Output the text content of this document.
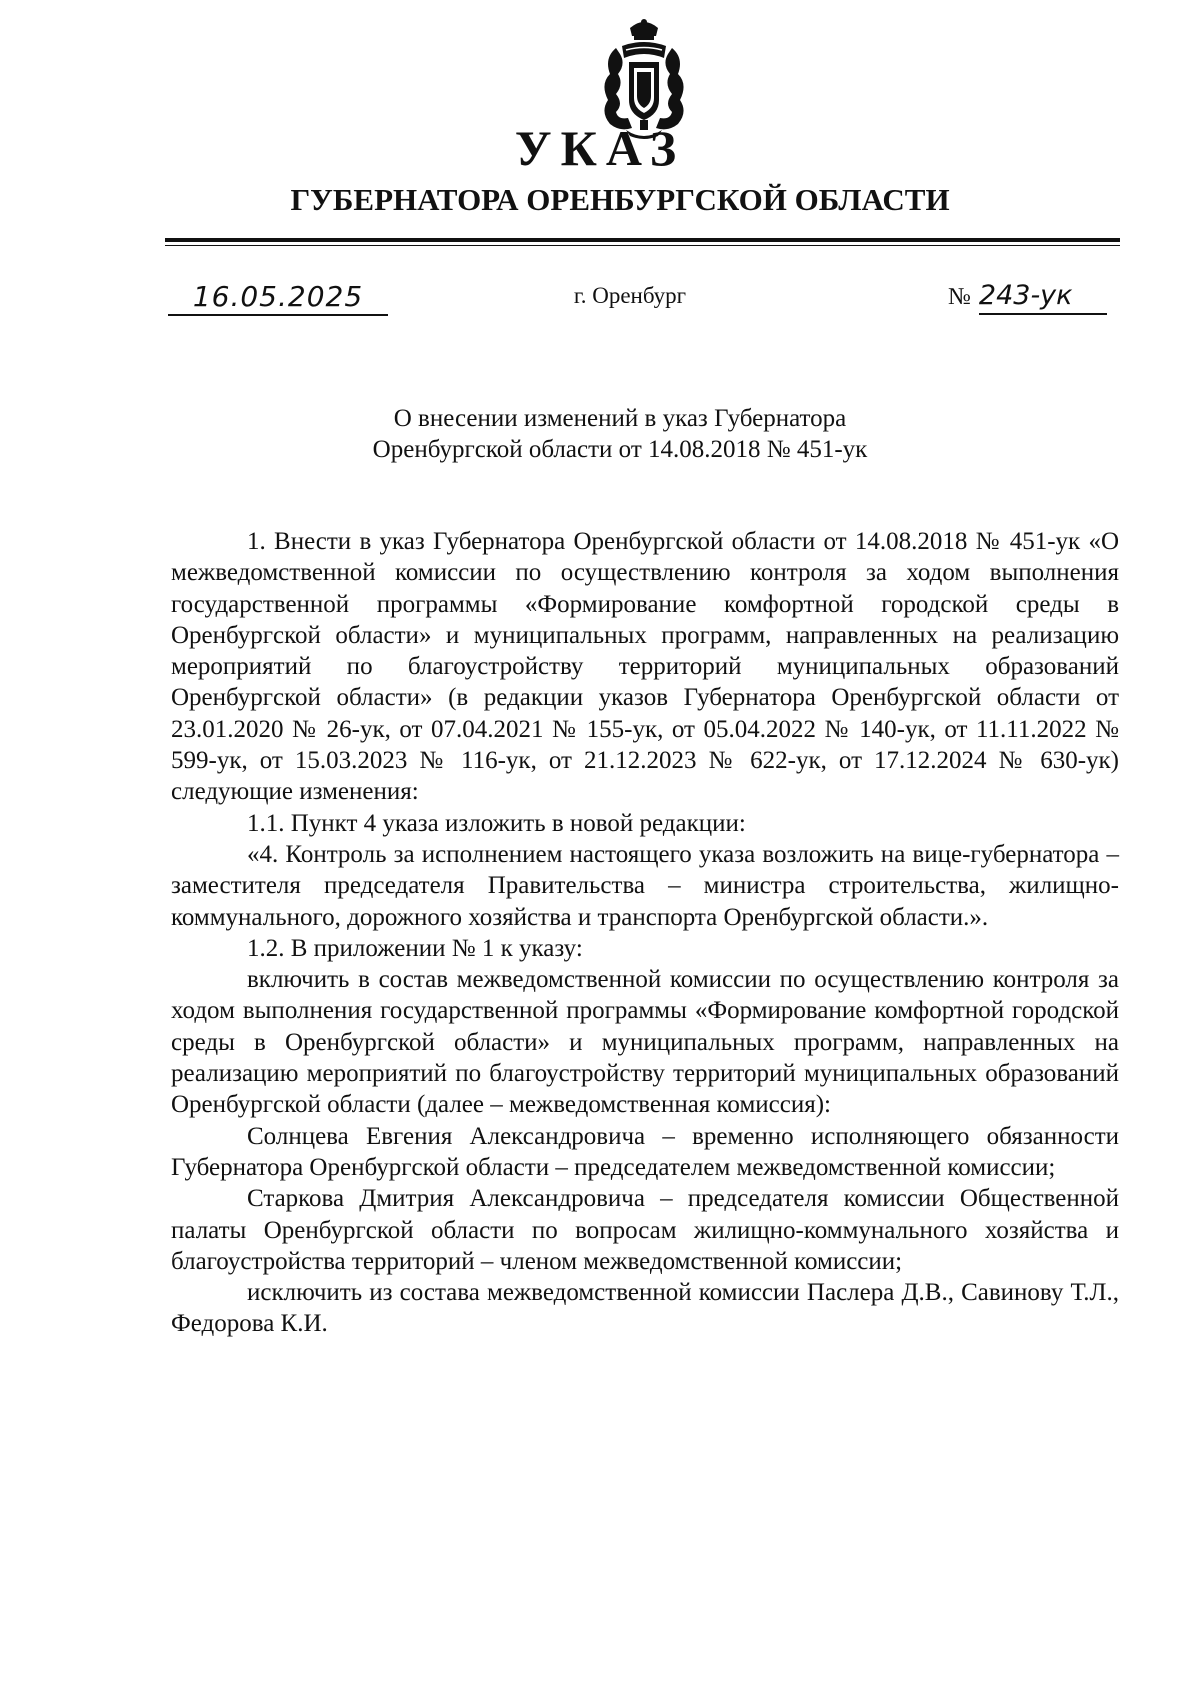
УКАЗ
ГУБЕРНАТОРА ОРЕНБУРГСКОЙ ОБЛАСТИ
16.05.2025	г. Оренбург	№ 243-ук
О внесении изменений в указ Губернатора
Оренбургской области от 14.08.2018 № 451-ук

1. Внести в указ Губернатора Оренбургской области от 14.08.2018 № 451-ук «О межведомственной комиссии по осуществлению контроля за ходом выполнения государственной программы «Формирование комфортной городской среды в Оренбургской области» и муниципальных программ, направленных на реализацию мероприятий по благоустройству территорий муниципальных образований Оренбургской области» (в редакции указов Губернатора Оренбургской области от 23.01.2020 № 26-ук, от 07.04.2021 № 155-ук, от 05.04.2022 № 140-ук, от 11.11.2022 № 599-ук, от 15.03.2023 № 116-ук, от 21.12.2023 № 622-ук, от 17.12.2024 № 630-ук) следующие изменения:

1.1. Пункт 4 указа изложить в новой редакции:

«4. Контроль за исполнением настоящего указа возложить на вице-губернатора – заместителя председателя Правительства – министра строительства, жилищно-коммунального, дорожного хозяйства и транспорта Оренбургской области.».

1.2. В приложении № 1 к указу:

включить в состав межведомственной комиссии по осуществлению контроля за ходом выполнения государственной программы «Формирование комфортной городской среды в Оренбургской области» и муниципальных программ, направленных на реализацию мероприятий по благоустройству территорий муниципальных образований Оренбургской области (далее – межведомственная комиссия):

Солнцева Евгения Александровича – временно исполняющего обязанности Губернатора Оренбургской области – председателем межведомственной комиссии;

Старкова Дмитрия Александровича – председателя комиссии Общественной палаты Оренбургской области по вопросам жилищно-коммунального хозяйства и благоустройства территорий – членом межведомственной комиссии;

исключить из состава межведомственной комиссии Паслера Д.В., Савинову Т.Л., Федорова К.И.
